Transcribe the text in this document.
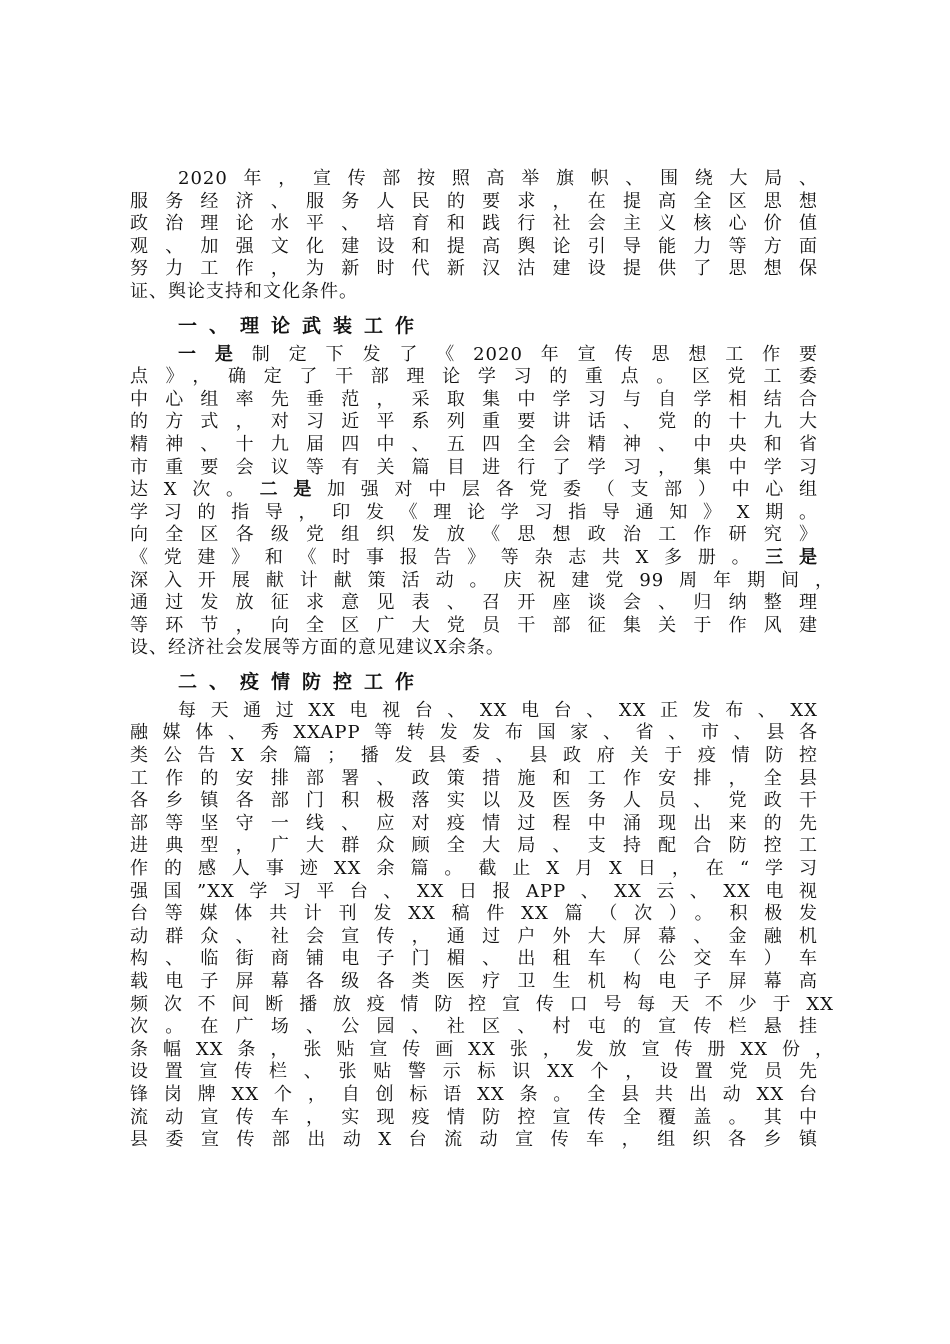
2020年，宣传部按照高举旗帜、围绕大局、
服务经济、服务人民的要求，在提高全区思想
政治理论水平、培育和践行社会主义核心价值
观、加强文化建设和提高舆论引导能力等方面
努力工作，为新时代新汉沽建设提供了思想保
证、舆论支持和文化条件。
一、理论武装工作
一是制定下发了《2020年宣传思想工作要
点》，确定了干部理论学习的重点。区党工委
中心组率先垂范，采取集中学习与自学相结合
的方式，对习近平系列重要讲话、党的十九大
精神、十九届四中、五四全会精神、中央和省
市重要会议等有关篇目进行了学习，集中学习
达X次。二是加强对中层各党委（支部）中心组
学习的指导，印发《理论学习指导通知》X期。
向全区各级党组织发放《思想政治工作研究》
《党建》和《时事报告》等杂志共X多册。三是
深入开展献计献策活动。庆祝建党99周年期间，
通过发放征求意见表、召开座谈会、归纳整理
等环节，向全区广大党员干部征集关于作风建
设、经济社会发展等方面的意见建议X余条。
二、疫情防控工作
每天通过XX电视台、XX电台、XX正发布、XX
融媒体、秀XXAPP等转发发布国家、省、市、县各
类公告X余篇；播发县委、县政府关于疫情防控
工作的安排部署、政策措施和工作安排，全县
各乡镇各部门积极落实以及医务人员、党政干
部等坚守一线、应对疫情过程中涌现出来的先
进典型，广大群众顾全大局、支持配合防控工
作的感人事迹XX余篇。截止X月X日，在“学习
强国”XX学习平台、XX日报APP、XX云、XX电视
台等媒体共计刊发XX稿件XX篇（次）。积极发
动群众、社会宣传，通过户外大屏幕、金融机
构、临街商铺电子门楣、出租车（公交车）车
载电子屏幕各级各类医疗卫生机构电子屏幕高
频次不间断播放疫情防控宣传口号每天不少于XX
次。在广场、公园、社区、村屯的宣传栏悬挂
条幅XX条，张贴宣传画XX张，发放宣传册XX份，
设置宣传栏、张贴警示标识XX个，设置党员先
锋岗牌XX个，自创标语XX条。全县共出动XX台
流动宣传车，实现疫情防控宣传全覆盖。其中
县委宣传部出动X台流动宣传车，组织各乡镇
